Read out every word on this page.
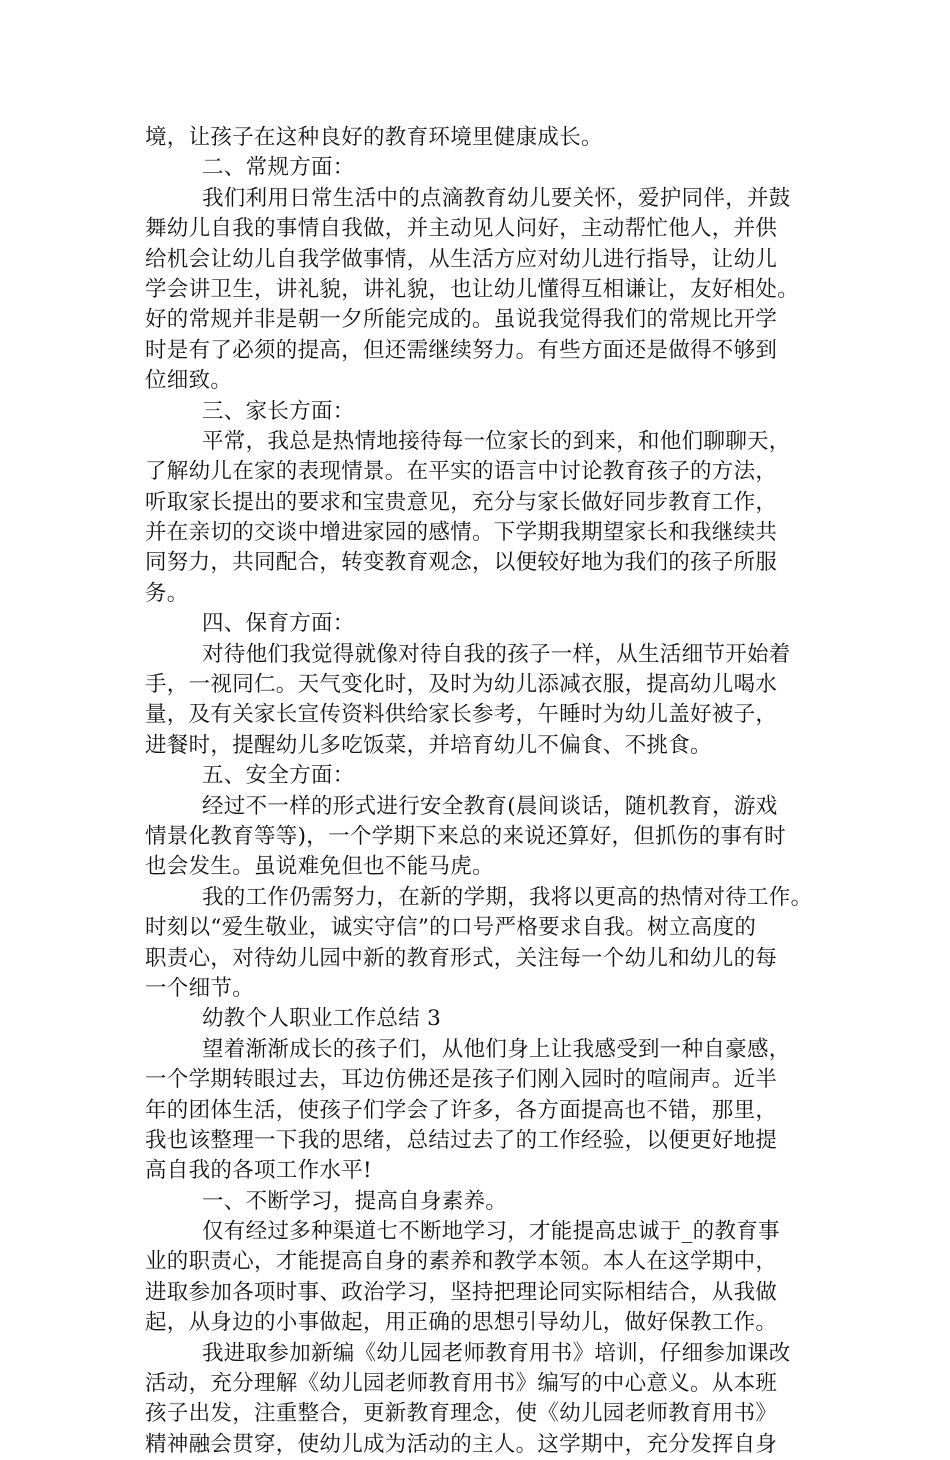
境，让孩子在这种良好的教育环境里健康成长。
二、常规方面：
我们利用日常生活中的点滴教育幼儿要关怀，爱护同伴，并鼓
舞幼儿自我的事情自我做，并主动见人问好，主动帮忙他人，并供
给机会让幼儿自我学做事情，从生活方应对幼儿进行指导，让幼儿
学会讲卫生，讲礼貌，讲礼貌，也让幼儿懂得互相谦让，友好相处。
好的常规并非是朝一夕所能完成的。虽说我觉得我们的常规比开学
时是有了必须的提高，但还需继续努力。有些方面还是做得不够到
位细致。
三、家长方面：
平常，我总是热情地接待每一位家长的到来，和他们聊聊天，
了解幼儿在家的表现情景。在平实的语言中讨论教育孩子的方法，
听取家长提出的要求和宝贵意见，充分与家长做好同步教育工作，
并在亲切的交谈中增进家园的感情。下学期我期望家长和我继续共
同努力，共同配合，转变教育观念，以便较好地为我们的孩子所服
务。
四、保育方面：
对待他们我觉得就像对待自我的孩子一样，从生活细节开始着
手，一视同仁。天气变化时，及时为幼儿添减衣服，提高幼儿喝水
量，及有关家长宣传资料供给家长参考，午睡时为幼儿盖好被子，
进餐时，提醒幼儿多吃饭菜，并培育幼儿不偏食、不挑食。
五、安全方面：
经过不一样的形式进行安全教育(晨间谈话，随机教育，游戏
情景化教育等等)，一个学期下来总的来说还算好，但抓伤的事有时
也会发生。虽说难免但也不能马虎。
我的工作仍需努力，在新的学期，我将以更高的热情对待工作。
时刻以“爱生敬业，诚实守信”的口号严格要求自我。树立高度的
职责心，对待幼儿园中新的教育形式，关注每一个幼儿和幼儿的每
一个细节。
幼教个人职业工作总结 3
望着渐渐成长的孩子们，从他们身上让我感受到一种自豪感，
一个学期转眼过去，耳边仿佛还是孩子们刚入园时的喧闹声。近半
年的团体生活，使孩子们学会了许多，各方面提高也不错，那里，
我也该整理一下我的思绪，总结过去了的工作经验，以便更好地提
高自我的各项工作水平!
一、不断学习，提高自身素养。
仅有经过多种渠道七不断地学习，才能提高忠诚于_的教育事
业的职责心，才能提高自身的素养和教学本领。本人在这学期中，
进取参加各项时事、政治学习，坚持把理论同实际相结合，从我做
起，从身边的小事做起，用正确的思想引导幼儿，做好保教工作。
我进取参加新编《幼儿园老师教育用书》培训，仔细参加课改
活动，充分理解《幼儿园老师教育用书》编写的中心意义。从本班
孩子出发，注重整合，更新教育理念，使《幼儿园老师教育用书》
精神融会贯穿，使幼儿成为活动的主人。这学期中，充分发挥自身
